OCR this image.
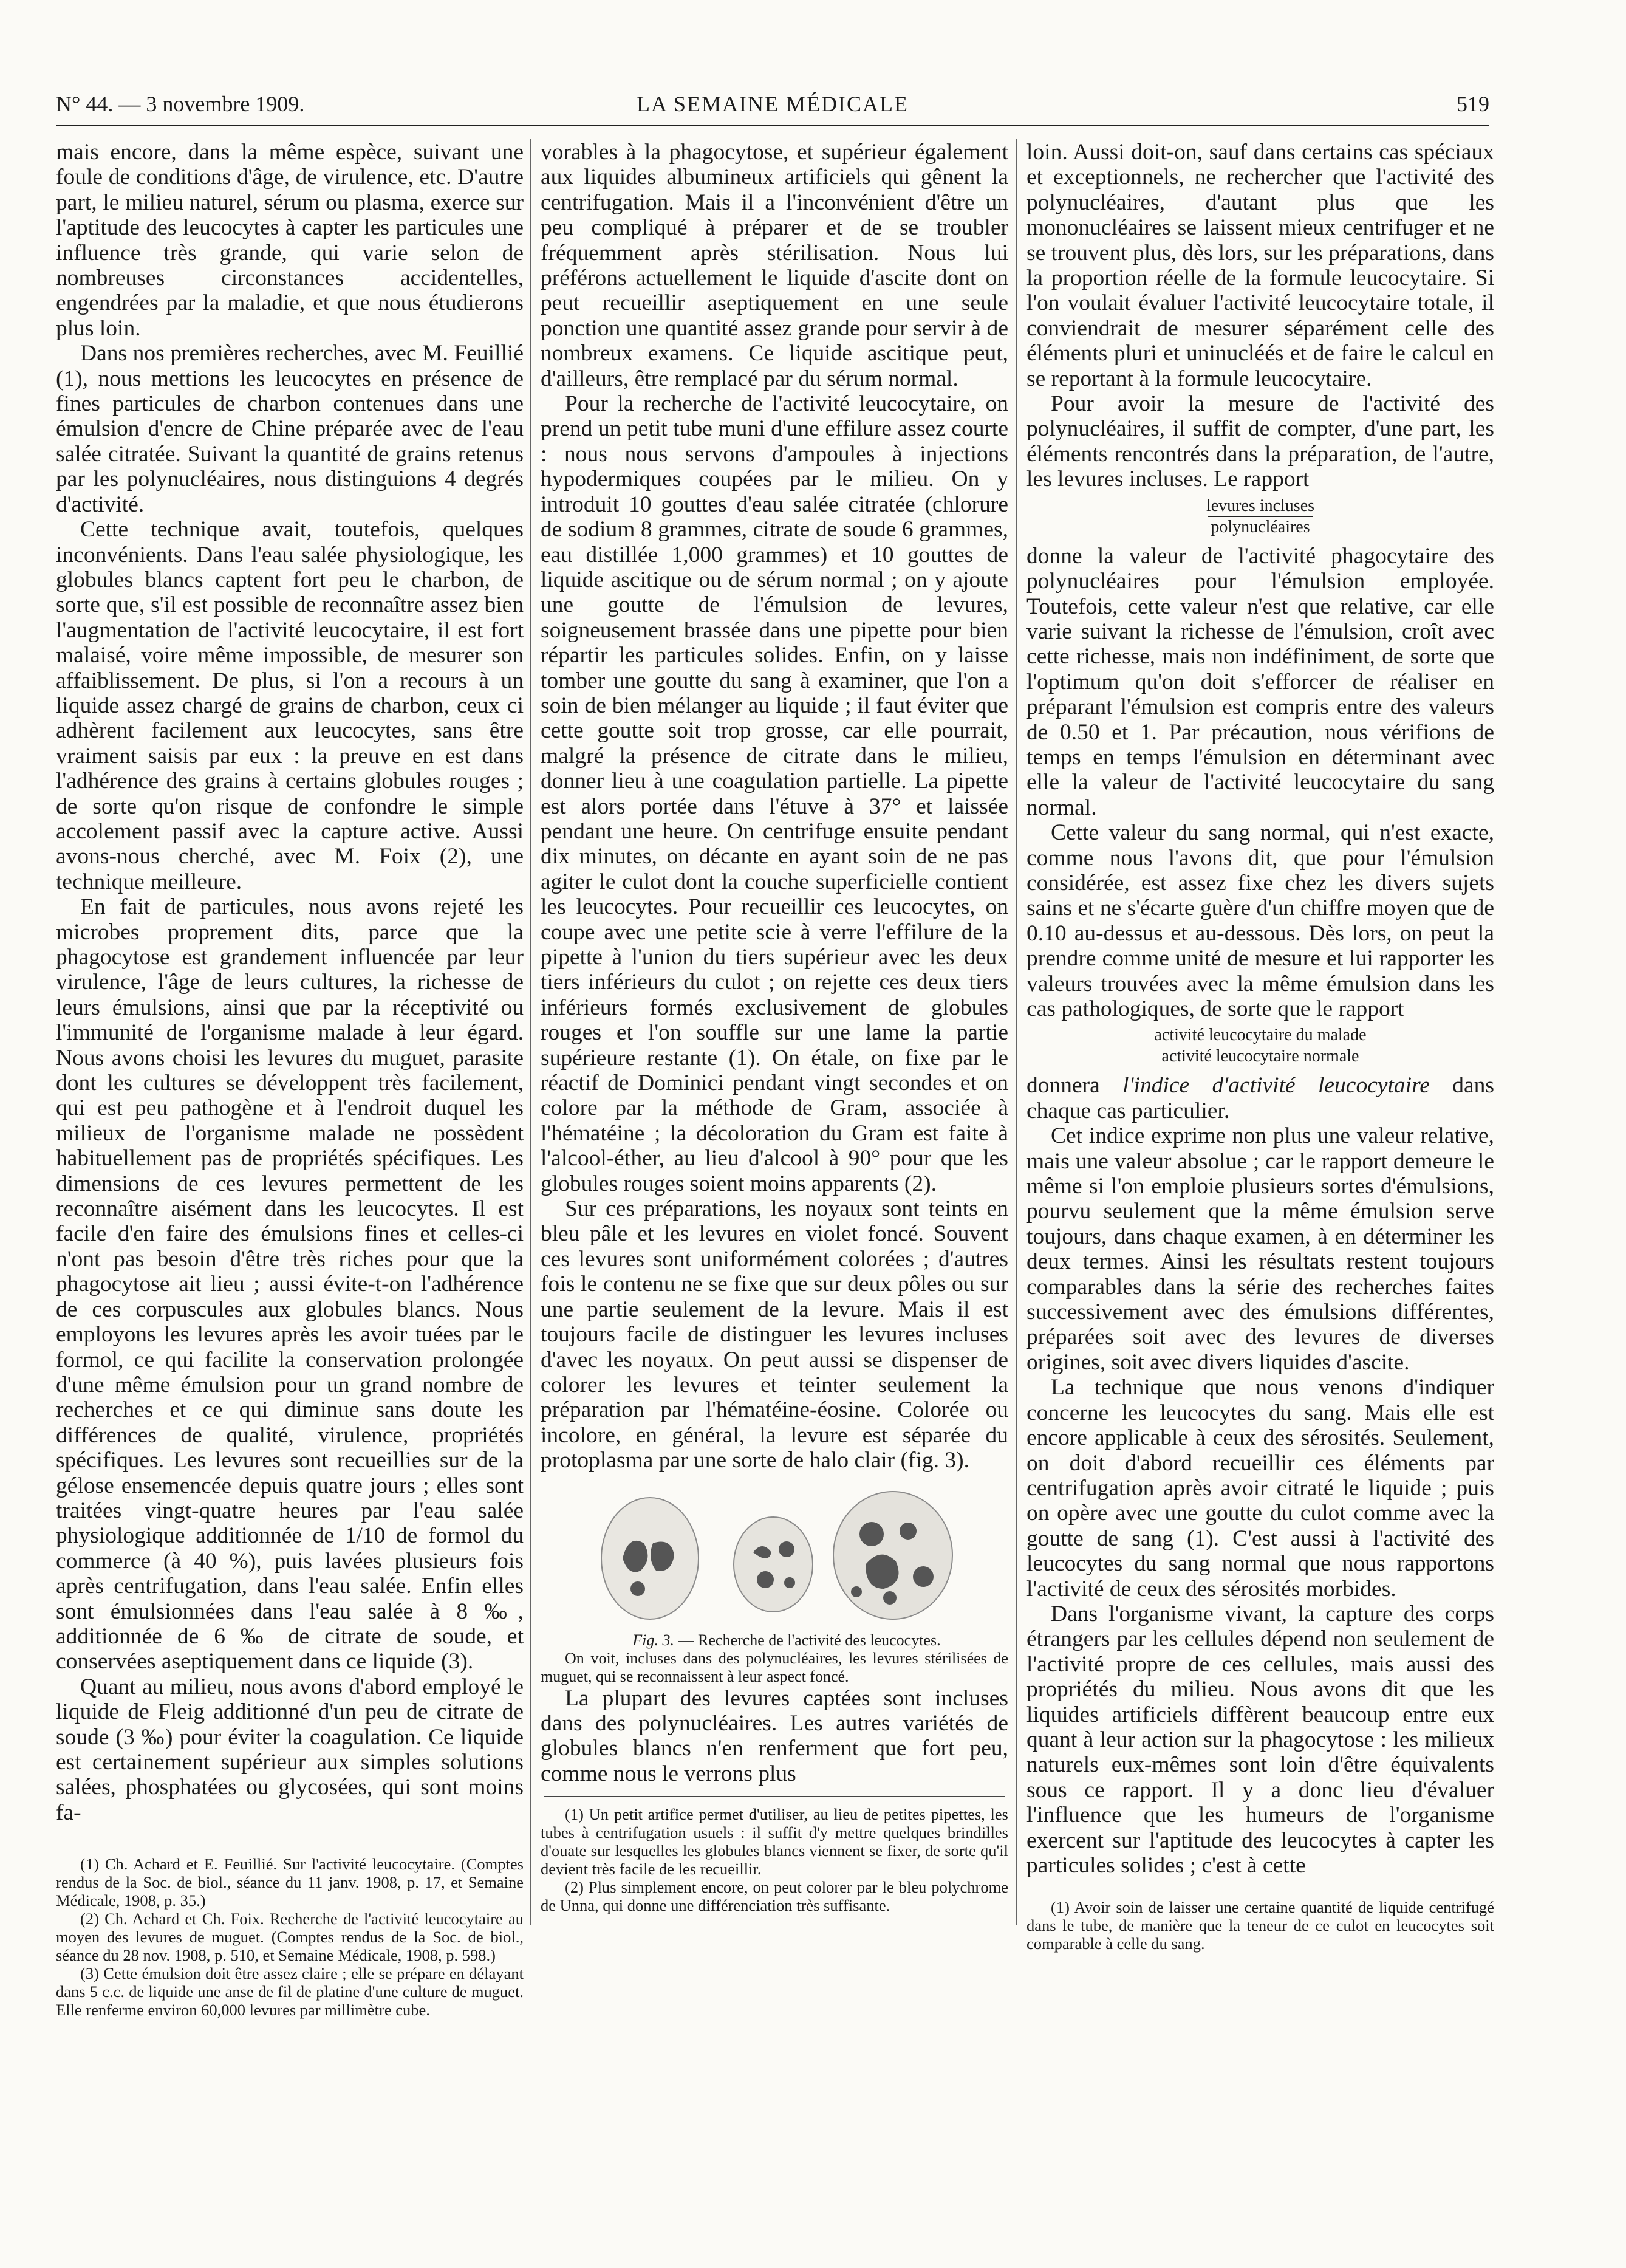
N° 44. — 3 novembre 1909.	LA SEMAINE MÉDICALE	519

mais encore, dans la même espèce, suivant une foule de conditions d'âge, de virulence, etc. D'autre part, le milieu naturel, sérum ou plasma, exerce sur l'aptitude des leucocytes à capter les particules une influence très grande, qui varie selon de nombreuses circonstances accidentelles, engendrées par la maladie, et que nous étudierons plus loin.

Dans nos premières recherches, avec M. Feuillié (1), nous mettions les leucocytes en présence de fines particules de charbon contenues dans une émulsion d'encre de Chine préparée avec de l'eau salée citratée. Suivant la quantité de grains retenus par les polynucléaires, nous distinguions 4 degrés d'activité.

Cette technique avait, toutefois, quelques inconvénients. Dans l'eau salée physiologique, les globules blancs captent fort peu le charbon, de sorte que, s'il est possible de reconnaître assez bien l'augmentation de l'activité leucocytaire, il est fort malaisé, voire même impossible, de mesurer son affaiblissement. De plus, si l'on a recours à un liquide assez chargé de grains de charbon, ceux ci adhèrent facilement aux leucocytes, sans être vraiment saisis par eux : la preuve en est dans l'adhérence des grains à certains globules rouges ; de sorte qu'on risque de confondre le simple accolement passif avec la capture active. Aussi avons-nous cherché, avec M. Foix (2), une technique meilleure.

En fait de particules, nous avons rejeté les microbes proprement dits, parce que la phagocytose est grandement influencée par leur virulence, l'âge de leurs cultures, la richesse de leurs émulsions, ainsi que par la réceptivité ou l'immunité de l'organisme malade à leur égard. Nous avons choisi les levures du muguet, parasite dont les cultures se développent très facilement, qui est peu pathogène et à l'endroit duquel les milieux de l'organisme malade ne possèdent habituellement pas de propriétés spécifiques. Les dimensions de ces levures permettent de les reconnaître aisément dans les leucocytes. Il est facile d'en faire des émulsions fines et celles-ci n'ont pas besoin d'être très riches pour que la phagocytose ait lieu ; aussi évite-t-on l'adhérence de ces corpuscules aux globules blancs. Nous employons les levures après les avoir tuées par le formol, ce qui facilite la conservation prolongée d'une même émulsion pour un grand nombre de recherches et ce qui diminue sans doute les différences de qualité, virulence, propriétés spécifiques. Les levures sont recueillies sur de la gélose ensemencée depuis quatre jours ; elles sont traitées vingt-quatre heures par l'eau salée physiologique additionnée de 1/10 de formol du commerce (à 40 %), puis lavées plusieurs fois après centrifugation, dans l'eau salée. Enfin elles sont émulsionnées dans l'eau salée à 8 ‰, additionnée de 6 ‰ de citrate de soude, et conservées aseptiquement dans ce liquide (3).

Quant au milieu, nous avons d'abord employé le liquide de Fleig additionné d'un peu de citrate de soude (3 ‰) pour éviter la coagulation. Ce liquide est certainement supérieur aux simples solutions salées, phosphatées ou glycosées, qui sont moins fa-

(1) Ch. Achard et E. Feuillié. Sur l'activité leucocytaire. (Comptes rendus de la Soc. de biol., séance du 11 janv. 1908, p. 17, et Semaine Médicale, 1908, p. 35.)

(2) Ch. Achard et Ch. Foix. Recherche de l'activité leucocytaire au moyen des levures de muguet. (Comptes rendus de la Soc. de biol., séance du 28 nov. 1908, p. 510, et Semaine Médicale, 1908, p. 598.)

(3) Cette émulsion doit être assez claire ; elle se prépare en délayant dans 5 c.c. de liquide une anse de fil de platine d'une culture de muguet. Elle renferme environ 60,000 levures par millimètre cube.

vorables à la phagocytose, et supérieur également aux liquides albumineux artificiels qui gênent la centrifugation. Mais il a l'inconvénient d'être un peu compliqué à préparer et de se troubler fréquemment après stérilisation. Nous lui préférons actuellement le liquide d'ascite dont on peut recueillir aseptiquement en une seule ponction une quantité assez grande pour servir à de nombreux examens. Ce liquide ascitique peut, d'ailleurs, être remplacé par du sérum normal.

Pour la recherche de l'activité leucocytaire, on prend un petit tube muni d'une effilure assez courte : nous nous servons d'ampoules à injections hypodermiques coupées par le milieu. On y introduit 10 gouttes d'eau salée citratée (chlorure de sodium 8 grammes, citrate de soude 6 grammes, eau distillée 1,000 grammes) et 10 gouttes de liquide ascitique ou de sérum normal ; on y ajoute une goutte de l'émulsion de levures, soigneusement brassée dans une pipette pour bien répartir les particules solides. Enfin, on y laisse tomber une goutte du sang à examiner, que l'on a soin de bien mélanger au liquide ; il faut éviter que cette goutte soit trop grosse, car elle pourrait, malgré la présence de citrate dans le milieu, donner lieu à une coagulation partielle. La pipette est alors portée dans l'étuve à 37° et laissée pendant une heure. On centrifuge ensuite pendant dix minutes, on décante en ayant soin de ne pas agiter le culot dont la couche superficielle contient les leucocytes. Pour recueillir ces leucocytes, on coupe avec une petite scie à verre l'effilure de la pipette à l'union du tiers supérieur avec les deux tiers inférieurs du culot ; on rejette ces deux tiers inférieurs formés exclusivement de globules rouges et l'on souffle sur une lame la partie supérieure restante (1). On étale, on fixe par le réactif de Dominici pendant vingt secondes et on colore par la méthode de Gram, associée à l'hématéine ; la décoloration du Gram est faite à l'alcool-éther, au lieu d'alcool à 90° pour que les globules rouges soient moins apparents (2).

Sur ces préparations, les noyaux sont teints en bleu pâle et les levures en violet foncé. Souvent ces levures sont uniformément colorées ; d'autres fois le contenu ne se fixe que sur deux pôles ou sur une partie seulement de la levure. Mais il est toujours facile de distinguer les levures incluses d'avec les noyaux. On peut aussi se dispenser de colorer les levures et teinter seulement la préparation par l'hématéine-éosine. Colorée ou incolore, en général, la levure est séparée du protoplasma par une sorte de halo clair (fig. 3).

Fig. 3. — Recherche de l'activité des leucocytes.

On voit, incluses dans des polynucléaires, les levures stérilisées de muguet, qui se reconnaissent à leur aspect foncé.

La plupart des levures captées sont incluses dans des polynucléaires. Les autres variétés de globules blancs n'en renferment que fort peu, comme nous le verrons plus

(1) Un petit artifice permet d'utiliser, au lieu de petites pipettes, les tubes à centrifugation usuels : il suffit d'y mettre quelques brindilles d'ouate sur lesquelles les globules blancs viennent se fixer, de sorte qu'il devient très facile de les recueillir.

(2) Plus simplement encore, on peut colorer par le bleu polychrome de Unna, qui donne une différenciation très suffisante.

loin. Aussi doit-on, sauf dans certains cas spéciaux et exceptionnels, ne rechercher que l'activité des polynucléaires, d'autant plus que les mononucléaires se laissent mieux centrifuger et ne se trouvent plus, dès lors, sur les préparations, dans la proportion réelle de la formule leucocytaire. Si l'on voulait évaluer l'activité leucocytaire totale, il conviendrait de mesurer séparément celle des éléments pluri et uninucléés et de faire le calcul en se reportant à la formule leucocytaire.

Pour avoir la mesure de l'activité des polynucléaires, il suffit de compter, d'une part, les éléments rencontrés dans la préparation, de l'autre, les levures incluses. Le rapport

levures incluses
polynucléaires

donne la valeur de l'activité phagocytaire des polynucléaires pour l'émulsion employée. Toutefois, cette valeur n'est que relative, car elle varie suivant la richesse de l'émulsion, croît avec cette richesse, mais non indéfiniment, de sorte que l'optimum qu'on doit s'efforcer de réaliser en préparant l'émulsion est compris entre des valeurs de 0.50 et 1. Par précaution, nous vérifions de temps en temps l'émulsion en déterminant avec elle la valeur de l'activité leucocytaire du sang normal.

Cette valeur du sang normal, qui n'est exacte, comme nous l'avons dit, que pour l'émulsion considérée, est assez fixe chez les divers sujets sains et ne s'écarte guère d'un chiffre moyen que de 0.10 au-dessus et au-dessous. Dès lors, on peut la prendre comme unité de mesure et lui rapporter les valeurs trouvées avec la même émulsion dans les cas pathologiques, de sorte que le rapport

activité leucocytaire du malade
activité leucocytaire normale

donnera l'indice d'activité leucocytaire dans chaque cas particulier.

Cet indice exprime non plus une valeur relative, mais une valeur absolue ; car le rapport demeure le même si l'on emploie plusieurs sortes d'émulsions, pourvu seulement que la même émulsion serve toujours, dans chaque examen, à en déterminer les deux termes. Ainsi les résultats restent toujours comparables dans la série des recherches faites successivement avec des émulsions différentes, préparées soit avec des levures de diverses origines, soit avec divers liquides d'ascite.

La technique que nous venons d'indiquer concerne les leucocytes du sang. Mais elle est encore applicable à ceux des sérosités. Seulement, on doit d'abord recueillir ces éléments par centrifugation après avoir citraté le liquide ; puis on opère avec une goutte du culot comme avec la goutte de sang (1). C'est aussi à l'activité des leucocytes du sang normal que nous rapportons l'activité de ceux des sérosités morbides.

Dans l'organisme vivant, la capture des corps étrangers par les cellules dépend non seulement de l'activité propre de ces cellules, mais aussi des propriétés du milieu. Nous avons dit que les liquides artificiels diffèrent beaucoup entre eux quant à leur action sur la phagocytose : les milieux naturels eux-mêmes sont loin d'être équivalents sous ce rapport. Il y a donc lieu d'évaluer l'influence que les humeurs de l'organisme exercent sur l'aptitude des leucocytes à capter les particules solides ; c'est à cette

(1) Avoir soin de laisser une certaine quantité de liquide centrifugé dans le tube, de manière que la teneur de ce culot en leucocytes soit comparable à celle du sang.
